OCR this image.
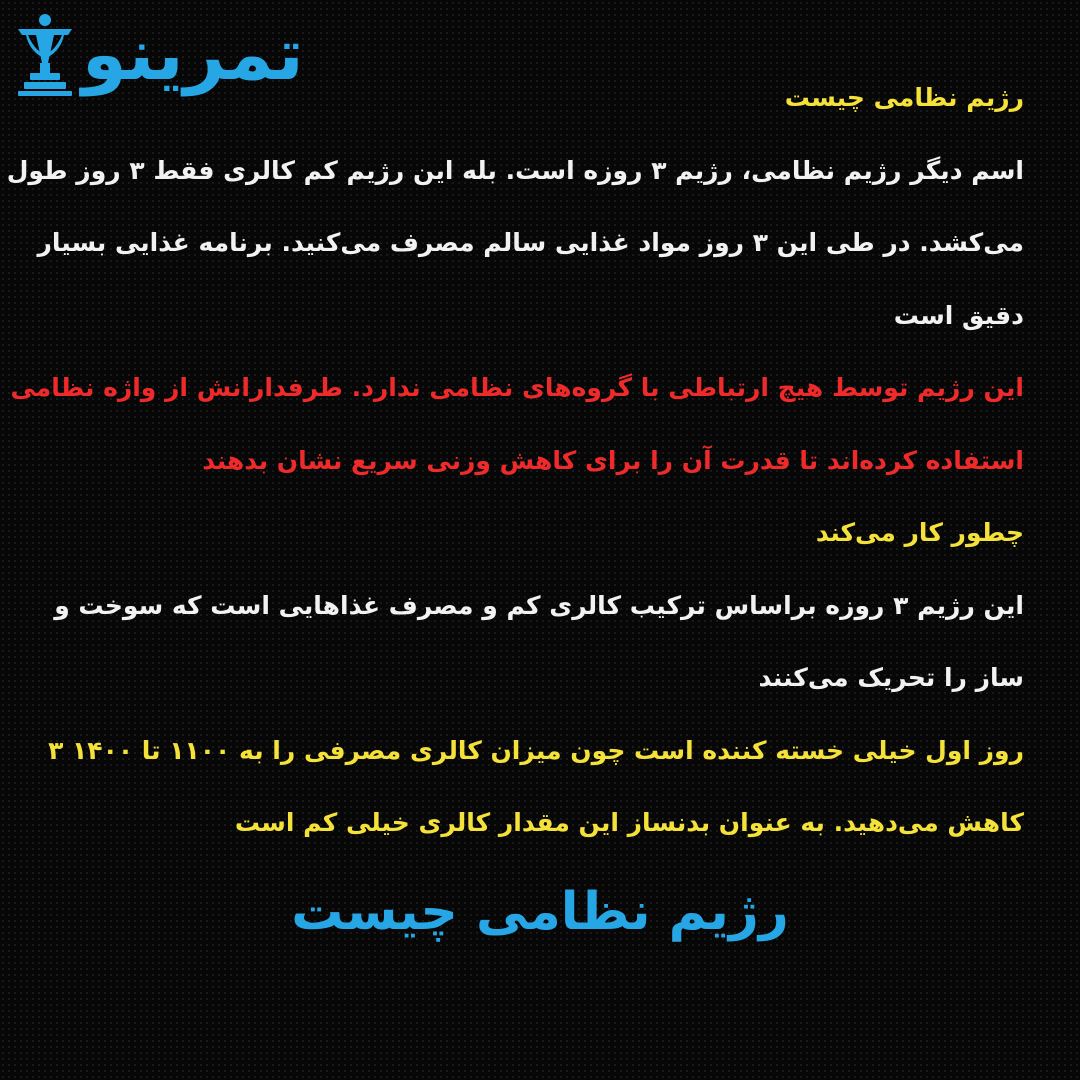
تمرینو
رژیم نظامی چیست
اسم دیگر رژیم نظامی، رژیم ۳ روزه است. بله این رژیم کم کالری فقط ۳ روز طول
می‌کشد. در طی این ۳ روز مواد غذایی سالم مصرف می‌کنید. برنامه غذایی بسیار
دقیق است
این رژیم توسط هیچ ارتباطی با گروه‌های نظامی ندارد. طرفدارانش از واژه نظامی
استفاده کرده‌اند تا قدرت آن را برای کاهش وزنی سریع نشان بدهند
چطور کار می‌کند
این رژیم ۳ روزه براساس ترکیب کالری کم و مصرف غذاهایی است که سوخت و
ساز را تحریک می‌کنند
روز اول خیلی خسته کننده است چون میزان کالری مصرفی را به ۱۱۰۰ تا ۱۴۰۰ ۳
کاهش می‌دهید. به عنوان بدنساز این مقدار کالری خیلی کم است
رژیم نظامی چیست
